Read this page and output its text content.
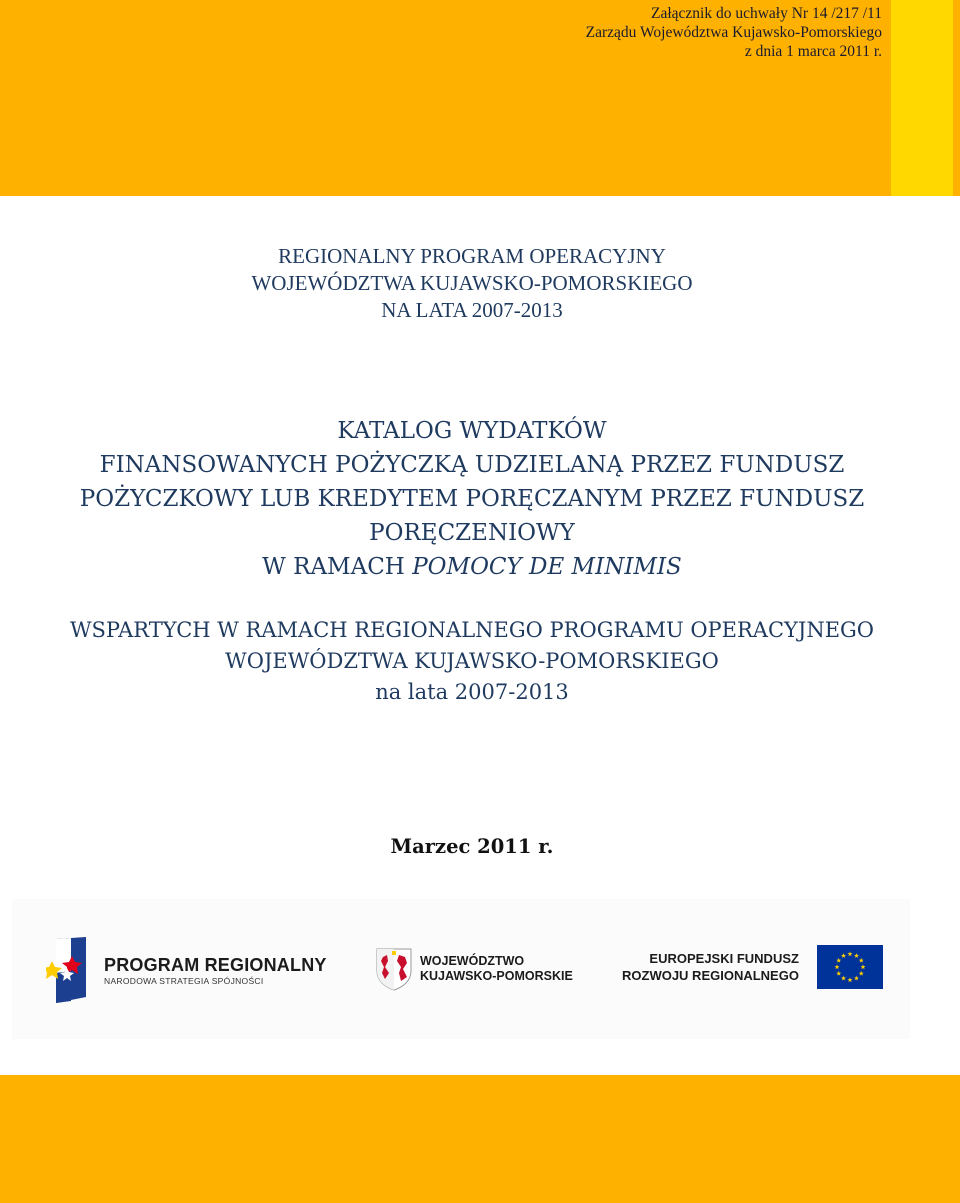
Załącznik do uchwały Nr 14 /217 /11
Zarządu Województwa Kujawsko-Pomorskiego
z dnia 1 marca 2011 r.
REGIONALNY PROGRAM OPERACYJNY
WOJEWÓDZTWA KUJAWSKO-POMORSKIEGO
NA LATA 2007-2013
KATALOG WYDATKÓW
FINANSOWANYCH POŻYCZKĄ UDZIELANĄ PRZEZ FUNDUSZ
POŻYCZKOWY LUB KREDYTEM PORĘCZANYM PRZEZ FUNDUSZ
PORĘCZENIOWY
W RAMACH POMOCY DE MINIMIS
WSPARTYCH W RAMACH REGIONALNEGO PROGRAMU OPERACYJNEGO
WOJEWÓDZTWA KUJAWSKO-POMORSKIEGO
na lata 2007-2013
Marzec 2011 r.
PROGRAM REGIONALNY
NARODOWA STRATEGIA SPÓJNOŚCI
WOJEWÓDZTWO
KUJAWSKO-POMORSKIE
EUROPEJSKI FUNDUSZ
ROZWOJU REGIONALNEGO
